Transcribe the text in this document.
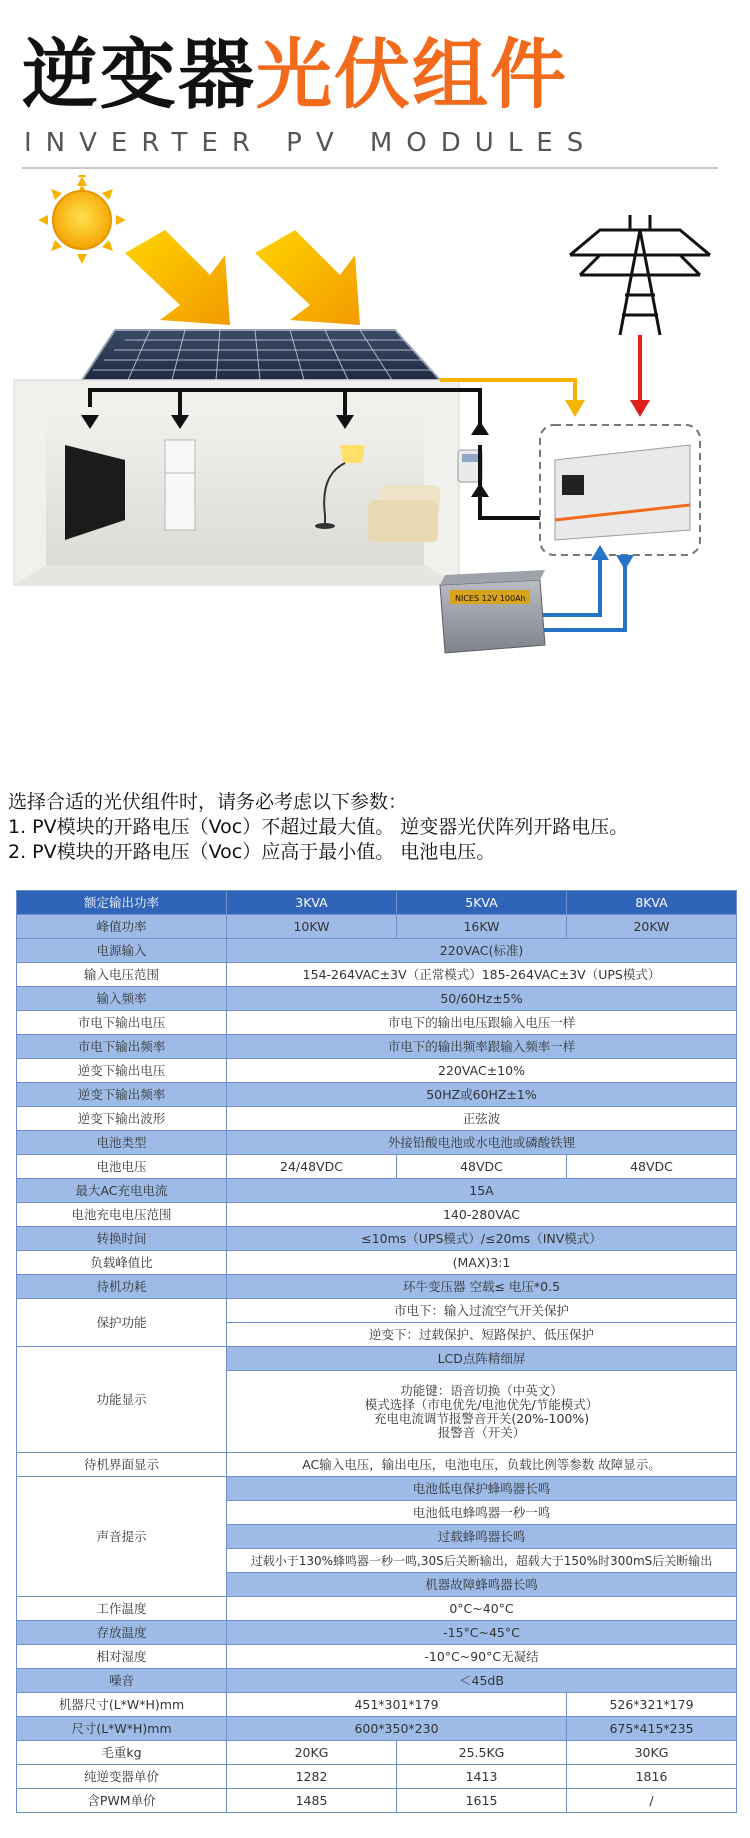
逆变器光伏组件
INVERTER PV MODULES
NICES 12V 100Ah
选择合适的光伏组件时，请务必考虑以下参数：
1. PV模块的开路电压（Voc）不超过最大值。 逆变器光伏阵列开路电压。
2. PV模块的开路电压（Voc）应高于最小值。 电池电压。
额定输出功率	3KVA	5KVA	8KVA
峰值功率	10KW	16KW	20KW
电源输入	220VAC(标准)		
输入电压范围	154-264VAC±3V（正常模式）185-264VAC±3V（UPS模式）		
输入频率	50/60Hz±5%		
市电下输出电压	市电下的输出电压跟输入电压一样		
市电下输出频率	市电下的输出频率跟输入频率一样		
逆变下输出电压	220VAC±10%		
逆变下输出频率	50HZ或60HZ±1%		
逆变下输出波形	正弦波		
电池类型	外接铅酸电池或水电池或磷酸铁锂		
电池电压	24/48VDC	48VDC	48VDC
最大AC充电电流	15A		
电池充电电压范围	140-280VAC		
转换时间	≤10ms（UPS模式）/≤20ms（INV模式）		
负载峰值比	(MAX)3:1		
待机功耗	环牛变压器 空载≤ 电压*0.5		
保护功能	市电下：输入过流空气开关保护		
	逆变下：过载保护、短路保护、低压保护		
功能显示	LCD点阵精细屏		

	功能键：语音切换（中英文）
模式选择（市电优先/电池优先/节能模式）
充电电流调节报警音开关(20%-100%)
报警音（开关）		

待机界面显示	AC输入电压，输出电压，电池电压，负载比例等参数 故障显示。		
声音提示	电池低电保护蜂鸣器长鸣		
	电池低电蜂鸣器一秒一鸣		
	过载蜂鸣器长鸣		
	过载小于130%蜂鸣器一秒一鸣,30S后关断输出，超载大于150%时300mS后关断输出		
	机器故障蜂鸣器长鸣		
工作温度	0°C~40°C		
存放温度	-15°C~45°C		
相对湿度	-10°C~90°C无凝结		
噪音	＜45dB		
机器尺寸(L*W*H)mm	451*301*179		526*321*179
尺寸(L*W*H)mm	600*350*230		675*415*235
毛重kg	20KG	25.5KG	30KG
纯逆变器单价	1282	1413	1816
含PWM单价	1485	1615	/
